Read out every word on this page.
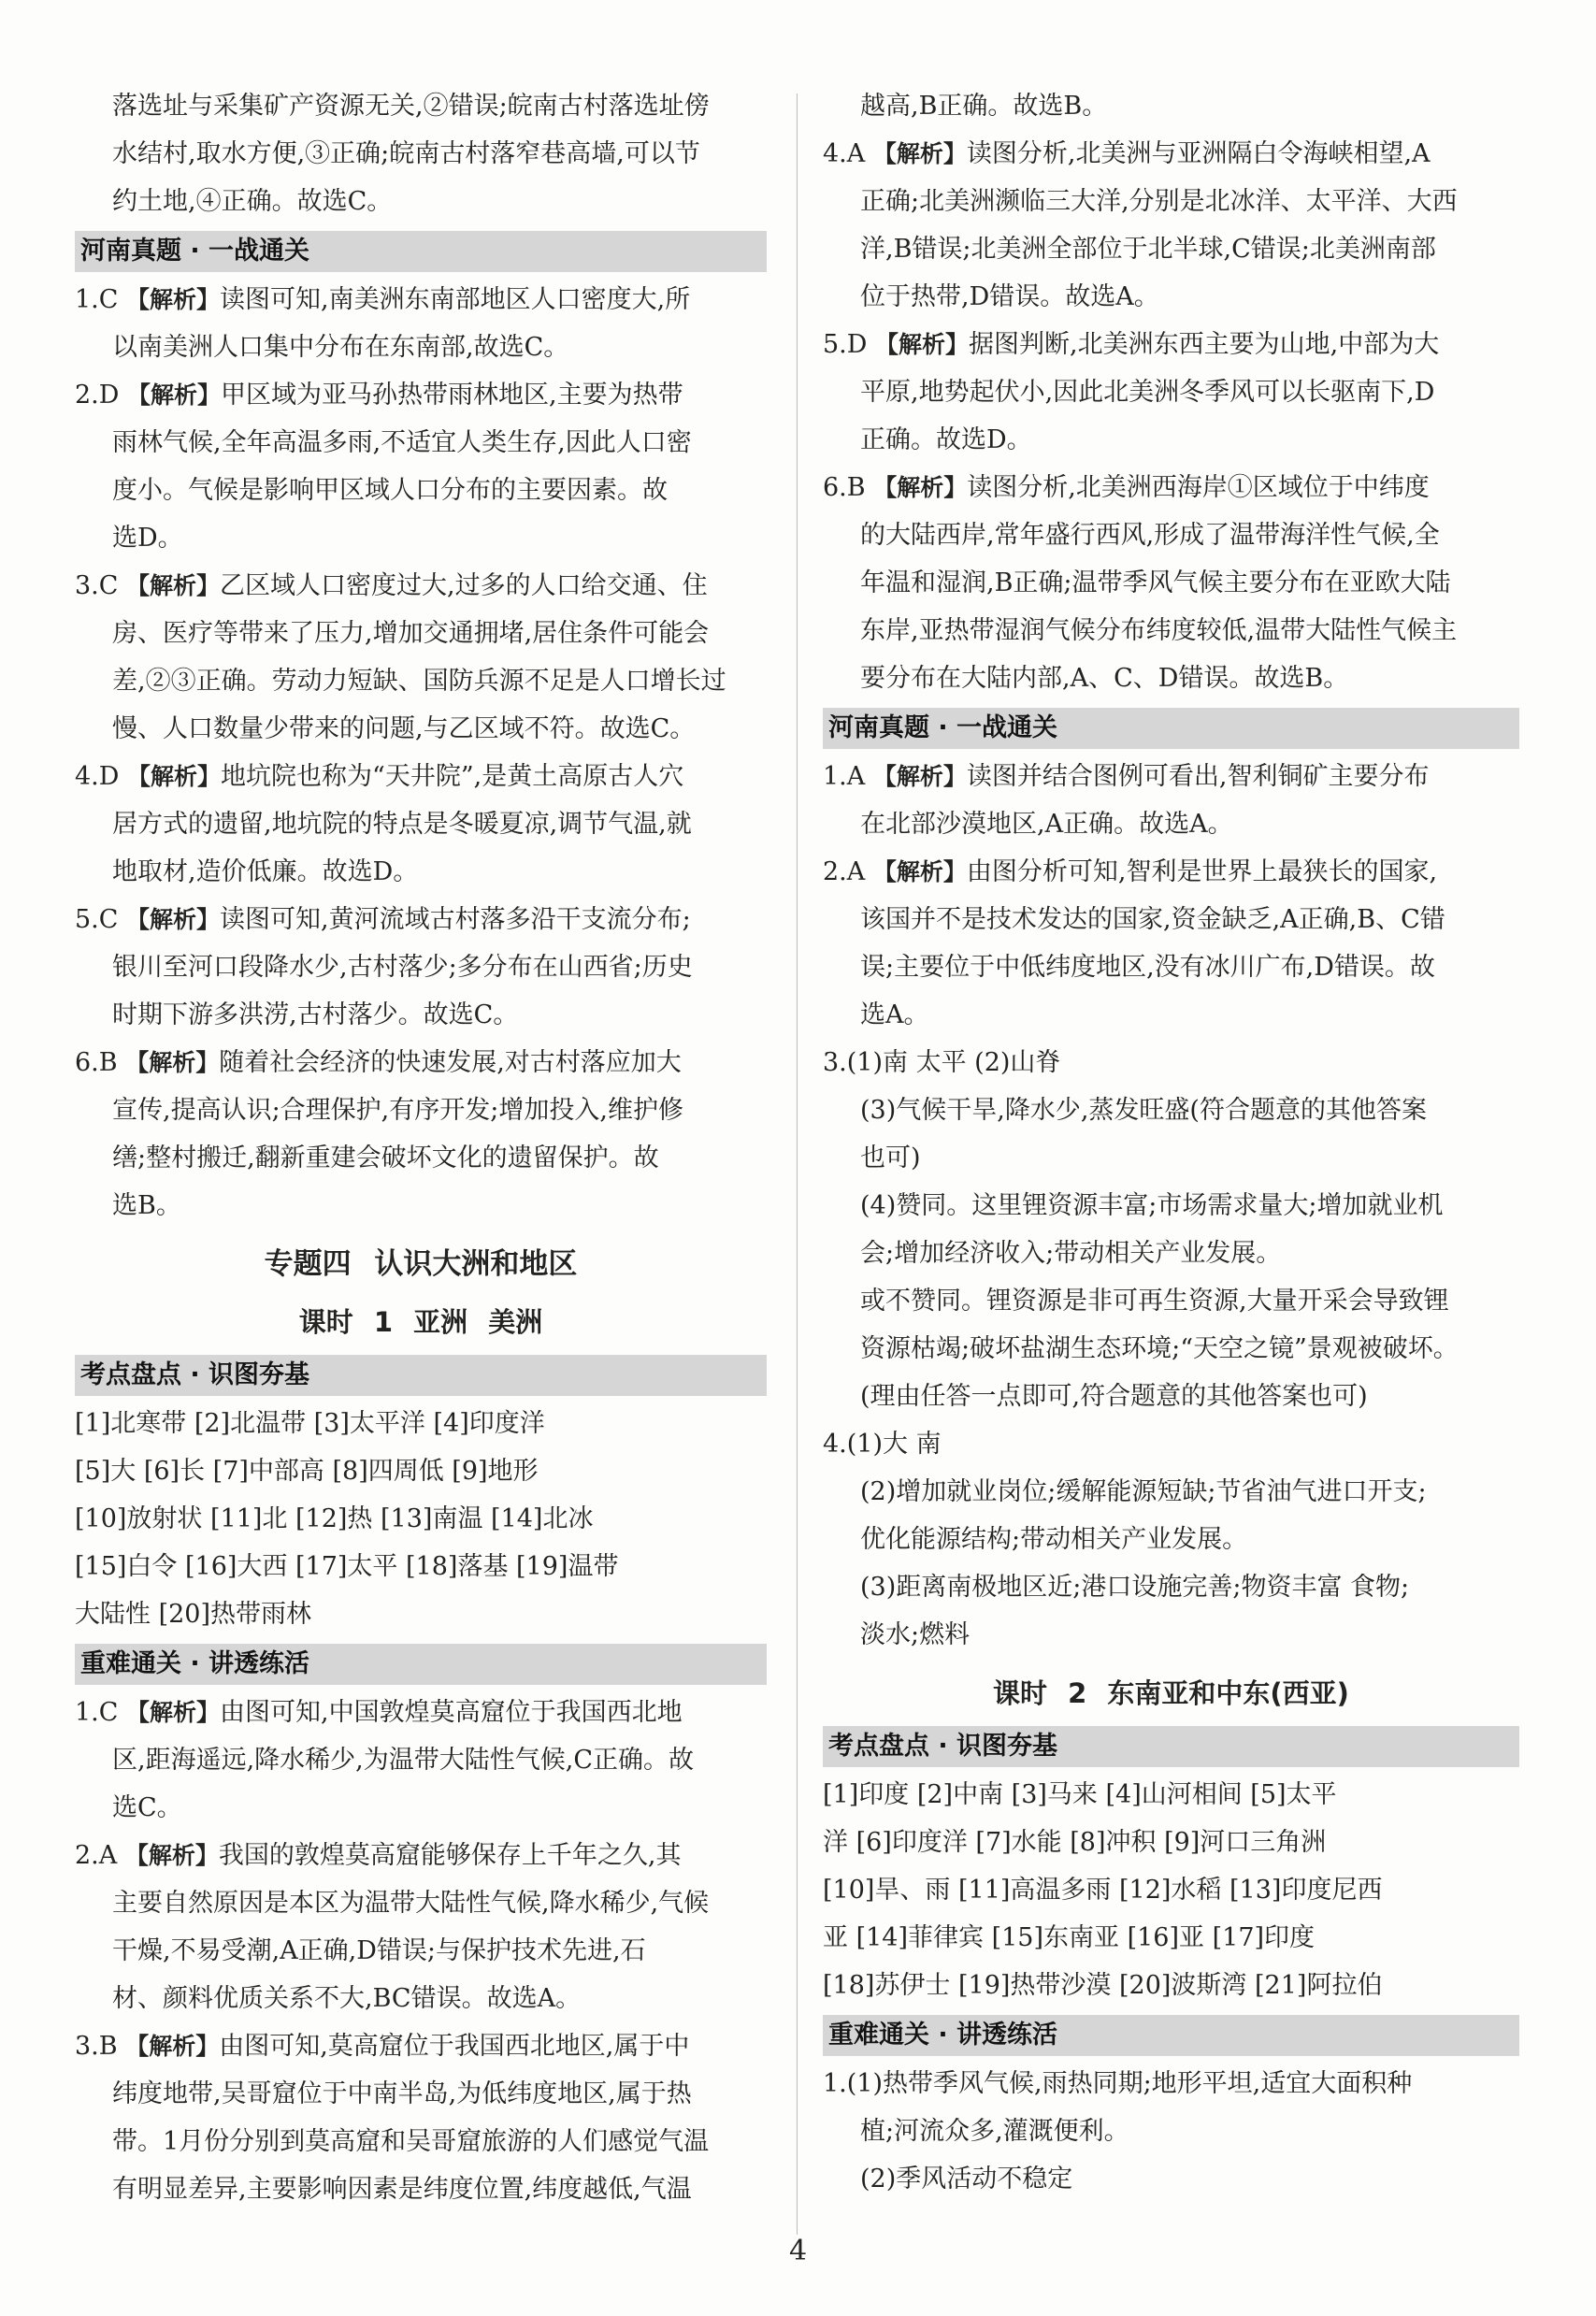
落选址与采集矿产资源无关,②错误;皖南古村落选址傍

水结村,取水方便,③正确;皖南古村落窄巷高墙,可以节

约土地,④正确。故选C。

河南真题 · 一战通关

1.C 【解析】读图可知,南美洲东南部地区人口密度大,所

以南美洲人口集中分布在东南部,故选C。

2.D 【解析】甲区域为亚马孙热带雨林地区,主要为热带

雨林气候,全年高温多雨,不适宜人类生存,因此人口密

度小。气候是影响甲区域人口分布的主要因素。故

选D。

3.C 【解析】乙区域人口密度过大,过多的人口给交通、住

房、医疗等带来了压力,增加交通拥堵,居住条件可能会

差,②③正确。劳动力短缺、国防兵源不足是人口增长过

慢、人口数量少带来的问题,与乙区域不符。故选C。

4.D 【解析】地坑院也称为“天井院”,是黄土高原古人穴

居方式的遗留,地坑院的特点是冬暖夏凉,调节气温,就

地取材,造价低廉。故选D。

5.C 【解析】读图可知,黄河流域古村落多沿干支流分布;

银川至河口段降水少,古村落少;多分布在山西省;历史

时期下游多洪涝,古村落少。故选C。

6.B 【解析】随着社会经济的快速发展,对古村落应加大

宣传,提高认识;合理保护,有序开发;增加投入,维护修

缮;整村搬迁,翻新重建会破坏文化的遗留保护。故

选B。

专题四 认识大洲和地区
课时 1 亚洲 美洲
考点盘点 · 识图夯基

[1]北寒带 [2]北温带 [3]太平洋 [4]印度洋

[5]大 [6]长 [7]中部高 [8]四周低 [9]地形

[10]放射状 [11]北 [12]热 [13]南温 [14]北冰

[15]白令 [16]大西 [17]太平 [18]落基 [19]温带

大陆性 [20]热带雨林

重难通关 · 讲透练活

1.C 【解析】由图可知,中国敦煌莫高窟位于我国西北地

区,距海遥远,降水稀少,为温带大陆性气候,C正确。故

选C。

2.A 【解析】我国的敦煌莫高窟能够保存上千年之久,其

主要自然原因是本区为温带大陆性气候,降水稀少,气候

干燥,不易受潮,A正确,D错误;与保护技术先进,石

材、颜料优质关系不大,BC错误。故选A。

3.B 【解析】由图可知,莫高窟位于我国西北地区,属于中

纬度地带,吴哥窟位于中南半岛,为低纬度地区,属于热

带。1月份分别到莫高窟和吴哥窟旅游的人们感觉气温

有明显差异,主要影响因素是纬度位置,纬度越低,气温

越高,B正确。故选B。

4.A 【解析】读图分析,北美洲与亚洲隔白令海峡相望,A

正确;北美洲濒临三大洋,分别是北冰洋、太平洋、大西

洋,B错误;北美洲全部位于北半球,C错误;北美洲南部

位于热带,D错误。故选A。

5.D 【解析】据图判断,北美洲东西主要为山地,中部为大

平原,地势起伏小,因此北美洲冬季风可以长驱南下,D

正确。故选D。

6.B 【解析】读图分析,北美洲西海岸①区域位于中纬度

的大陆西岸,常年盛行西风,形成了温带海洋性气候,全

年温和湿润,B正确;温带季风气候主要分布在亚欧大陆

东岸,亚热带湿润气候分布纬度较低,温带大陆性气候主

要分布在大陆内部,A、C、D错误。故选B。

河南真题 · 一战通关

1.A 【解析】读图并结合图例可看出,智利铜矿主要分布

在北部沙漠地区,A正确。故选A。

2.A 【解析】由图分析可知,智利是世界上最狭长的国家,

该国并不是技术发达的国家,资金缺乏,A正确,B、C错

误;主要位于中低纬度地区,没有冰川广布,D错误。故

选A。

3.(1)南 太平 (2)山脊

(3)气候干旱,降水少,蒸发旺盛(符合题意的其他答案

也可)

(4)赞同。这里锂资源丰富;市场需求量大;增加就业机

会;增加经济收入;带动相关产业发展。

或不赞同。锂资源是非可再生资源,大量开采会导致锂

资源枯竭;破坏盐湖生态环境;“天空之镜”景观被破坏。

(理由任答一点即可,符合题意的其他答案也可)

4.(1)大 南

(2)增加就业岗位;缓解能源短缺;节省油气进口开支;

优化能源结构;带动相关产业发展。

(3)距离南极地区近;港口设施完善;物资丰富 食物;

淡水;燃料

课时 2 东南亚和中东(西亚)
考点盘点 · 识图夯基

[1]印度 [2]中南 [3]马来 [4]山河相间 [5]太平

洋 [6]印度洋 [7]水能 [8]冲积 [9]河口三角洲

[10]旱、雨 [11]高温多雨 [12]水稻 [13]印度尼西

亚 [14]菲律宾 [15]东南亚 [16]亚 [17]印度

[18]苏伊士 [19]热带沙漠 [20]波斯湾 [21]阿拉伯

重难通关 · 讲透练活

1.(1)热带季风气候,雨热同期;地形平坦,适宜大面积种

植;河流众多,灌溉便利。

(2)季风活动不稳定

4
